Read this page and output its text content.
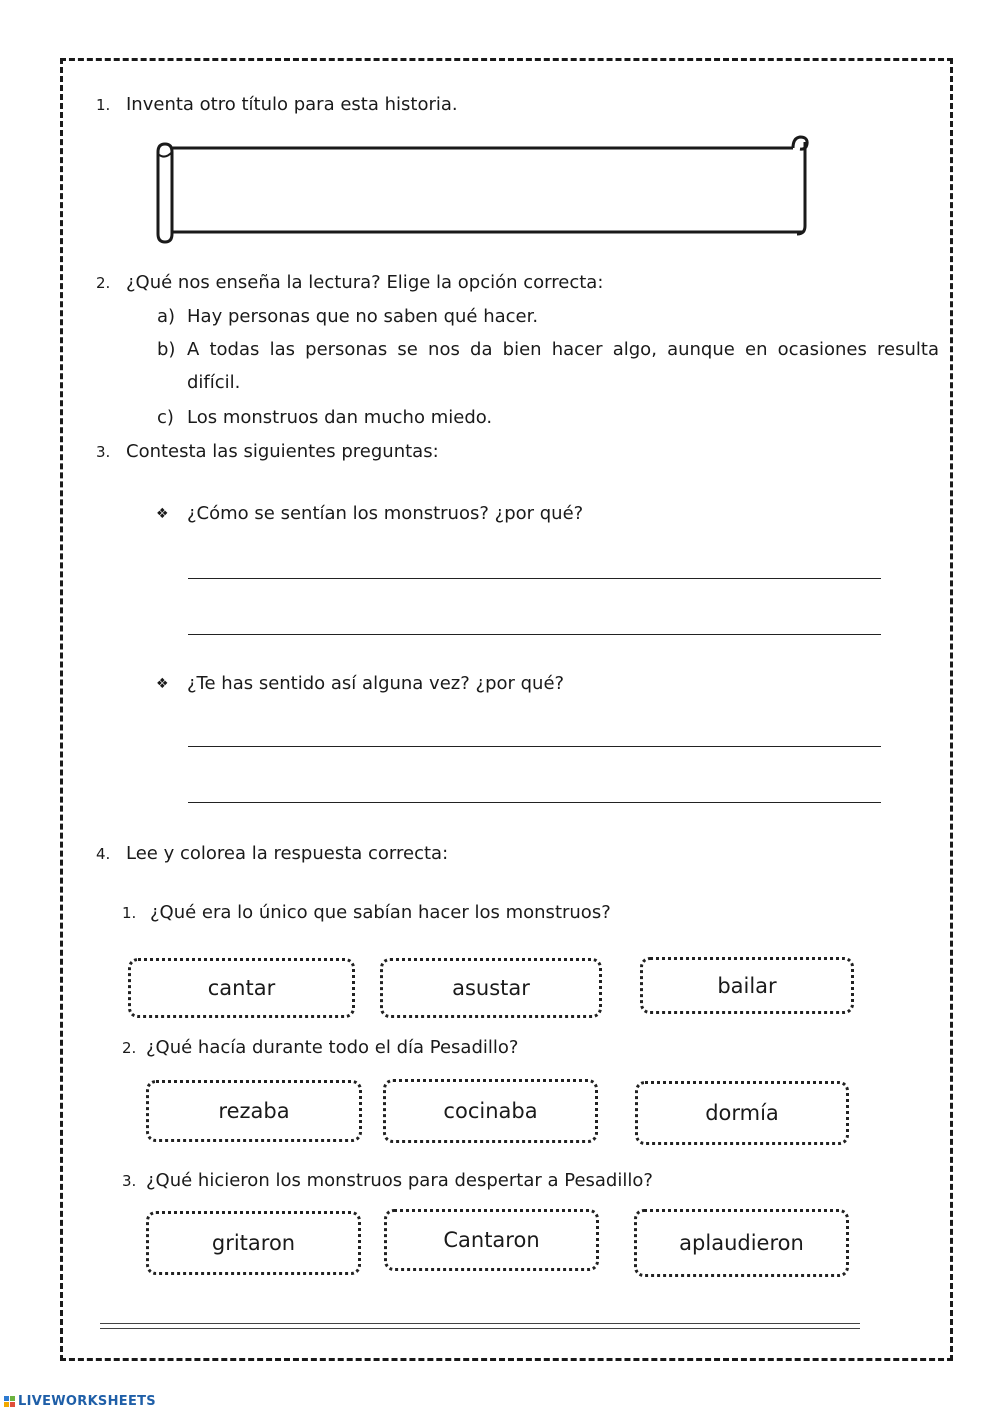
1. Inventa otro título para esta historia.
2. ¿Qué nos enseña la lectura? Elige la opción correcta:
a) Hay personas que no saben qué hacer.
b) A todas las personas se nos da bien hacer algo, aunque en ocasiones resulta
difícil.
c) Los monstruos dan mucho miedo.
3. Contesta las siguientes preguntas:
❖ ¿Cómo se sentían los monstruos? ¿por qué?
❖ ¿Te has sentido así alguna vez? ¿por qué?
4. Lee y colorea la respuesta correcta:
1. ¿Qué era lo único que sabían hacer los monstruos?
cantar	asustar	bailar
2. ¿Qué hacía durante todo el día Pesadillo?
rezaba	cocinaba	dormía
3. ¿Qué hicieron los monstruos para despertar a Pesadillo?
gritaron	Cantaron	aplaudieron
LIVEWORKSHEETS
